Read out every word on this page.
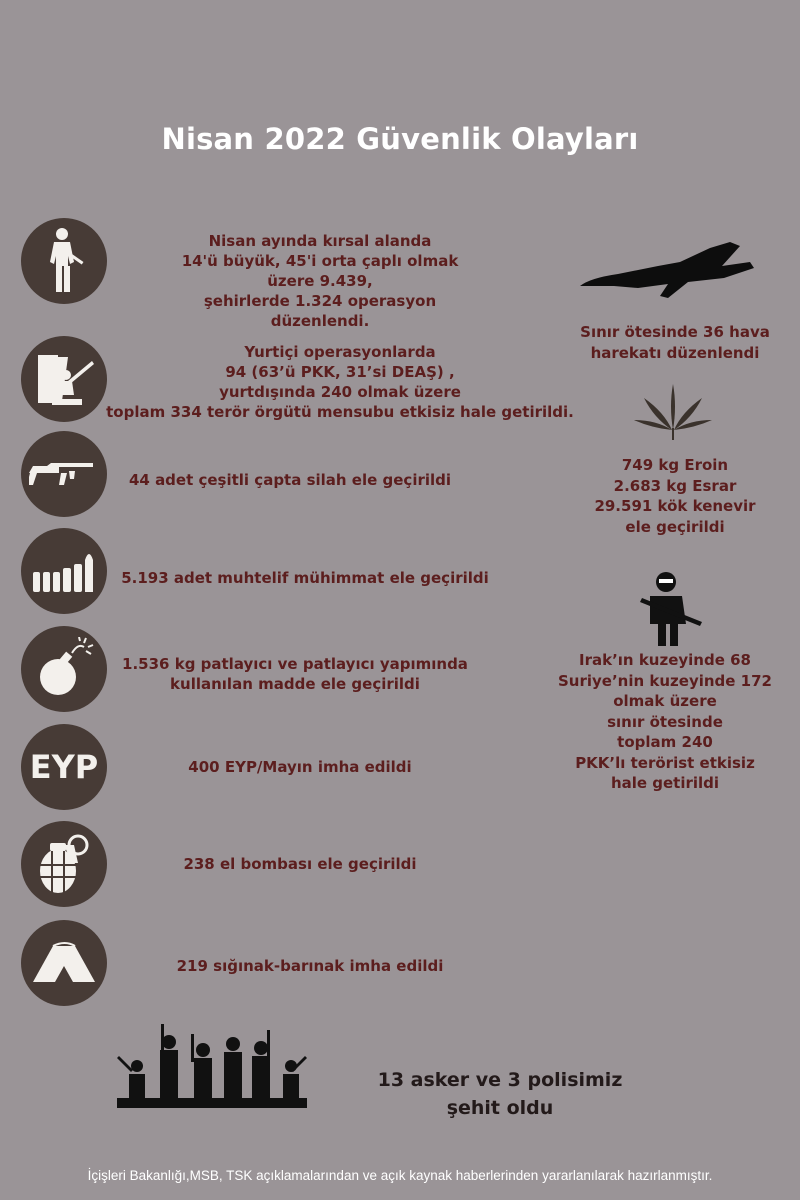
Nisan 2022 Güvenlik Olayları
Nisan ayında kırsal alanda
14'ü büyük, 45'i orta çaplı olmak üzere 9.439,
şehirlerde 1.324 operasyon düzenlendi.
Yurtiçi operasyonlarda
94 (63’ü PKK, 31’si DEAŞ) ,
yurtdışında 240 olmak üzere
toplam 334 terör örgütü mensubu etkisiz hale getirildi.
44 adet çeşitli çapta silah ele geçirildi
5.193 adet muhtelif mühimmat ele geçirildi
1.536 kg patlayıcı ve patlayıcı yapımında
kullanılan madde ele geçirildi
EYP	400 EYP/Mayın imha edildi
238 el bombası ele geçirildi
219 sığınak-barınak imha edildi
Sınır ötesinde 36 hava
harekatı düzenlendi
749 kg Eroin
2.683 kg Esrar
29.591 kök kenevir
ele geçirildi
Irak’ın kuzeyinde 68
Suriye’nin kuzeyinde 172
olmak üzere
sınır ötesinde
toplam 240
PKK’lı terörist etkisiz
hale getirildi
13 asker ve 3 polisimiz
şehit oldu
İçişleri Bakanlığı,MSB, TSK açıklamalarından ve açık kaynak haberlerinden yararlanılarak hazırlanmıştır.
